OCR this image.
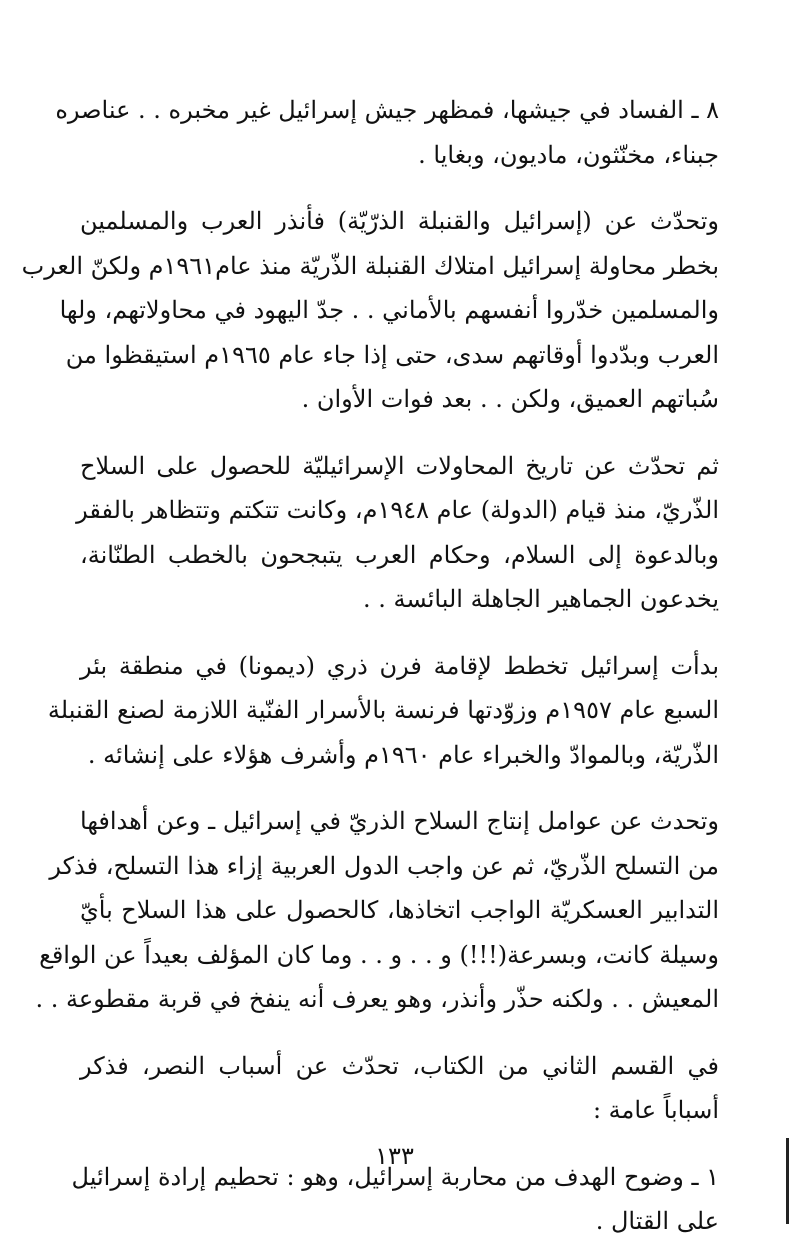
٨ ـ الفساد في جيشها، فمظهر جيش إسرائيل غير مخبره . . عناصره
جبناء، مخنّثون، ماديون، وبغايا .

وتحدّث عن (إسرائيل والقنبلة الذرّيّة) فأنذر العرب والمسلمين
بخطر محاولة إسرائيل امتلاك القنبلة الذّريّة منذ عام١٩٦١م ولكنّ العرب
والمسلمين خدّروا أنفسهم بالأماني . . جدّ اليهود في محاولاتهم، ولها
العرب وبدّدوا أوقاتهم سدى، حتى إذا جاء عام ١٩٦٥م استيقظوا من
سُباتهم العميق، ولكن . . بعد فوات الأوان .

ثم تحدّث عن تاريخ المحاولات الإسرائيليّة للحصول على السلاح
الذّريّ، منذ قيام (الدولة) عام ١٩٤٨م، وكانت تتكتم وتتظاهر بالفقر
وبالدعوة إلى السلام، وحكام العرب يتبجحون بالخطب الطنّانة،
يخدعون الجماهير الجاهلة البائسة . .

بدأت إسرائيل تخطط لإقامة فرن ذري (ديمونا) في منطقة بئر
السبع عام ١٩٥٧م وزوّدتها فرنسة بالأسرار الفنّية اللازمة لصنع القنبلة
الذّريّة، وبالموادّ والخبراء عام ١٩٦٠م وأشرف هؤلاء على إنشائه .

وتحدث عن عوامل إنتاج السلاح الذريّ في إسرائيل ـ وعن أهدافها
من التسلح الذّريّ، ثم عن واجب الدول العربية إزاء هذا التسلح، فذكر
التدابير العسكريّة الواجب اتخاذها، كالحصول على هذا السلاح بأيّ
وسيلة كانت، وبسرعة(!!!) و . . و . . وما كان المؤلف بعيداً عن الواقع
المعيش . . ولكنه حذّر وأنذر، وهو يعرف أنه ينفخ في قربة مقطوعة . .

في القسم الثاني من الكتاب، تحدّث عن أسباب النصر، فذكر
أسباباً عامة :

١ ـ وضوح الهدف من محاربة إسرائيل، وهو : تحطيم إرادة إسرائيل
على القتال .

١٣٣
